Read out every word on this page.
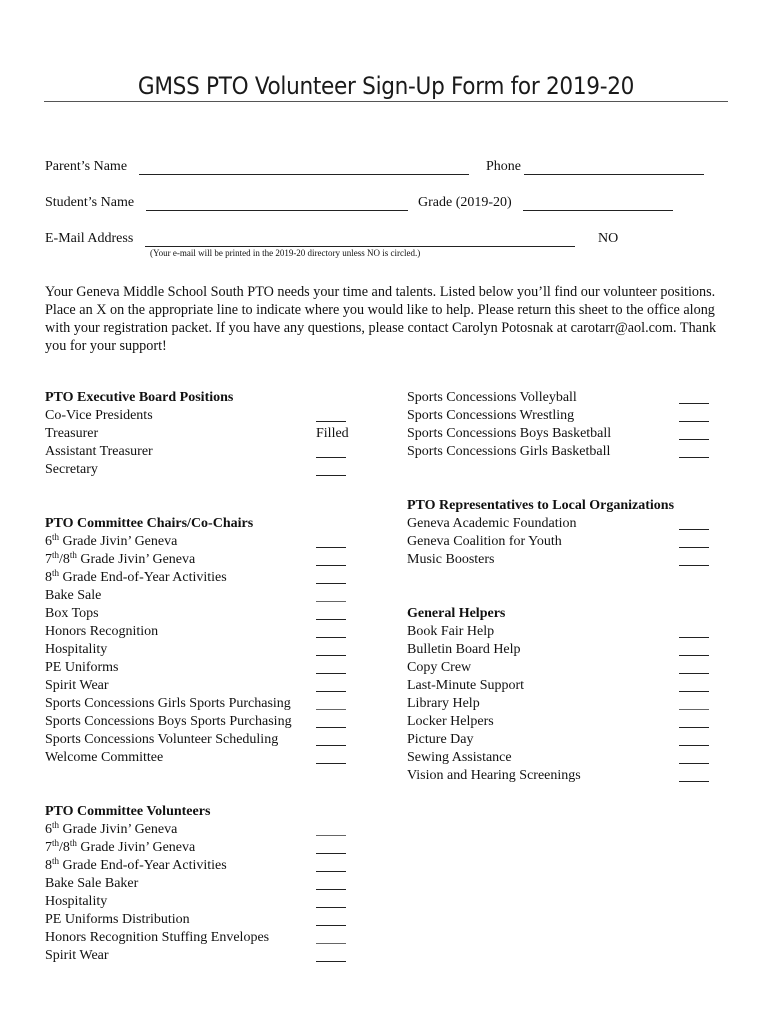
GMSS PTO Volunteer Sign-Up Form for 2019-20
Parent’s Name	Phone
Student’s Name	Grade (2019-20)
E-Mail Address	NO
(Your e-mail will be printed in the 2019-20 directory unless NO is circled.)
Your Geneva Middle School South PTO needs your time and talents. Listed below you’ll find our volunteer positions. Place an X on the appropriate line to indicate where you would like to help. Please return this sheet to the office along with your registration packet. If you have any questions, please contact Carolyn Potosnak at carotarr@aol.com. Thank you for your support!
PTO Executive Board Positions
Co-Vice Presidents
Treasurer	Filled
Assistant Treasurer
Secretary
PTO Committee Chairs/Co-Chairs
6th Grade Jivin’ Geneva
7th/8th Grade Jivin’ Geneva
8th Grade End-of-Year Activities
Bake Sale
Box Tops
Honors Recognition
Hospitality
PE Uniforms
Spirit Wear
Sports Concessions Girls Sports Purchasing
Sports Concessions Boys Sports Purchasing
Sports Concessions Volunteer Scheduling
Welcome Committee
PTO Committee Volunteers
6th Grade Jivin’ Geneva
7th/8th Grade Jivin’ Geneva
8th Grade End-of-Year Activities
Bake Sale Baker
Hospitality
PE Uniforms Distribution
Honors Recognition Stuffing Envelopes
Spirit Wear
Sports Concessions Volleyball
Sports Concessions Wrestling
Sports Concessions Boys Basketball
Sports Concessions Girls Basketball
PTO Representatives to Local Organizations
Geneva Academic Foundation
Geneva Coalition for Youth
Music Boosters
General Helpers
Book Fair Help
Bulletin Board Help
Copy Crew
Last-Minute Support
Library Help
Locker Helpers
Picture Day
Sewing Assistance
Vision and Hearing Screenings
